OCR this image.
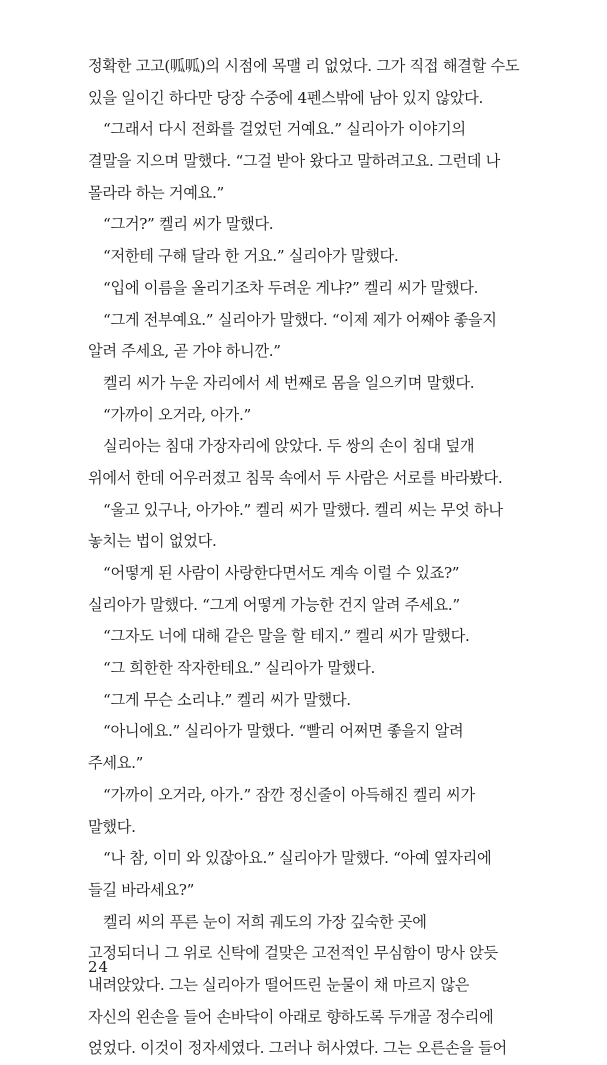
정확한 고고(呱呱)의 시점에 목맬 리 없었다. 그가 직접 해결할 수도
있을 일이긴 하다만 당장 수중에 4펜스밖에 남아 있지 않았다.
“그래서 다시 전화를 걸었던 거예요.” 실리아가 이야기의
결말을 지으며 말했다. “그걸 받아 왔다고 말하려고요. 그런데 나
몰라라 하는 거예요.”
“그거?” 켈리 씨가 말했다.
“저한테 구해 달라 한 거요.” 실리아가 말했다.
“입에 이름을 올리기조차 두려운 게냐?” 켈리 씨가 말했다.
“그게 전부예요.” 실리아가 말했다. “이제 제가 어째야 좋을지
알려 주세요, 곧 가야 하니깐.”
켈리 씨가 누운 자리에서 세 번째로 몸을 일으키며 말했다.
“가까이 오거라, 아가.”
실리아는 침대 가장자리에 앉았다. 두 쌍의 손이 침대 덮개
위에서 한데 어우러졌고 침묵 속에서 두 사람은 서로를 바라봤다.
“울고 있구나, 아가야.” 켈리 씨가 말했다. 켈리 씨는 무엇 하나
놓치는 법이 없었다.
“어떻게 된 사람이 사랑한다면서도 계속 이럴 수 있죠?”
실리아가 말했다. “그게 어떻게 가능한 건지 알려 주세요.”
“그자도 너에 대해 같은 말을 할 테지.” 켈리 씨가 말했다.
“그 희한한 작자한테요.” 실리아가 말했다.
“그게 무슨 소리냐.” 켈리 씨가 말했다.
“아니에요.” 실리아가 말했다. “빨리 어쩌면 좋을지 알려
주세요.”
“가까이 오거라, 아가.” 잠깐 정신줄이 아득해진 켈리 씨가
말했다.
“나 참, 이미 와 있잖아요.” 실리아가 말했다. “아예 옆자리에
들길 바라세요?”
켈리 씨의 푸른 눈이 저희 궤도의 가장 깊숙한 곳에
고정되더니 그 위로 신탁에 걸맞은 고전적인 무심함이 망사 앉듯
내려앉았다. 그는 실리아가 떨어뜨린 눈물이 채 마르지 않은
자신의 왼손을 들어 손바닥이 아래로 향하도록 두개골 정수리에
얹었다. 이것이 정자세였다. 그러나 허사였다. 그는 오른손을 들어
24
